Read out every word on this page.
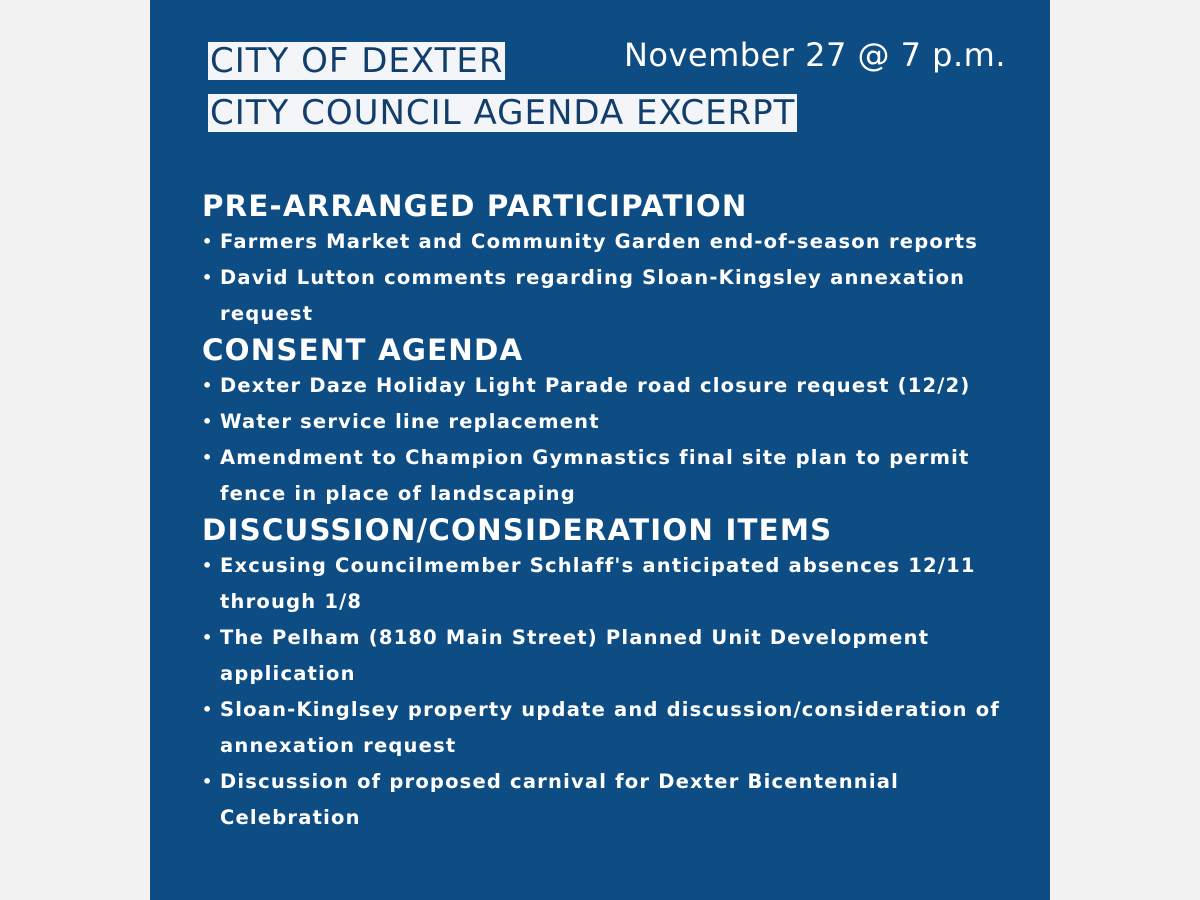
CITY OF DEXTER
CITY COUNCIL AGENDA EXCERPT
November 27 @ 7 p.m.
PRE-ARRANGED PARTICIPATION
• Farmers Market and Community Garden end-of-season reports
• David Lutton comments regarding Sloan-Kingsley annexation request
CONSENT AGENDA
• Dexter Daze Holiday Light Parade road closure request (12/2)
• Water service line replacement
• Amendment to Champion Gymnastics final site plan to permit fence in place of landscaping
DISCUSSION/CONSIDERATION ITEMS
• Excusing Councilmember Schlaff's anticipated absences 12/11 through 1/8
• The Pelham (8180 Main Street) Planned Unit Development application
• Sloan-Kinglsey property update and discussion/consideration of annexation request
• Discussion of proposed carnival for Dexter Bicentennial Celebration
